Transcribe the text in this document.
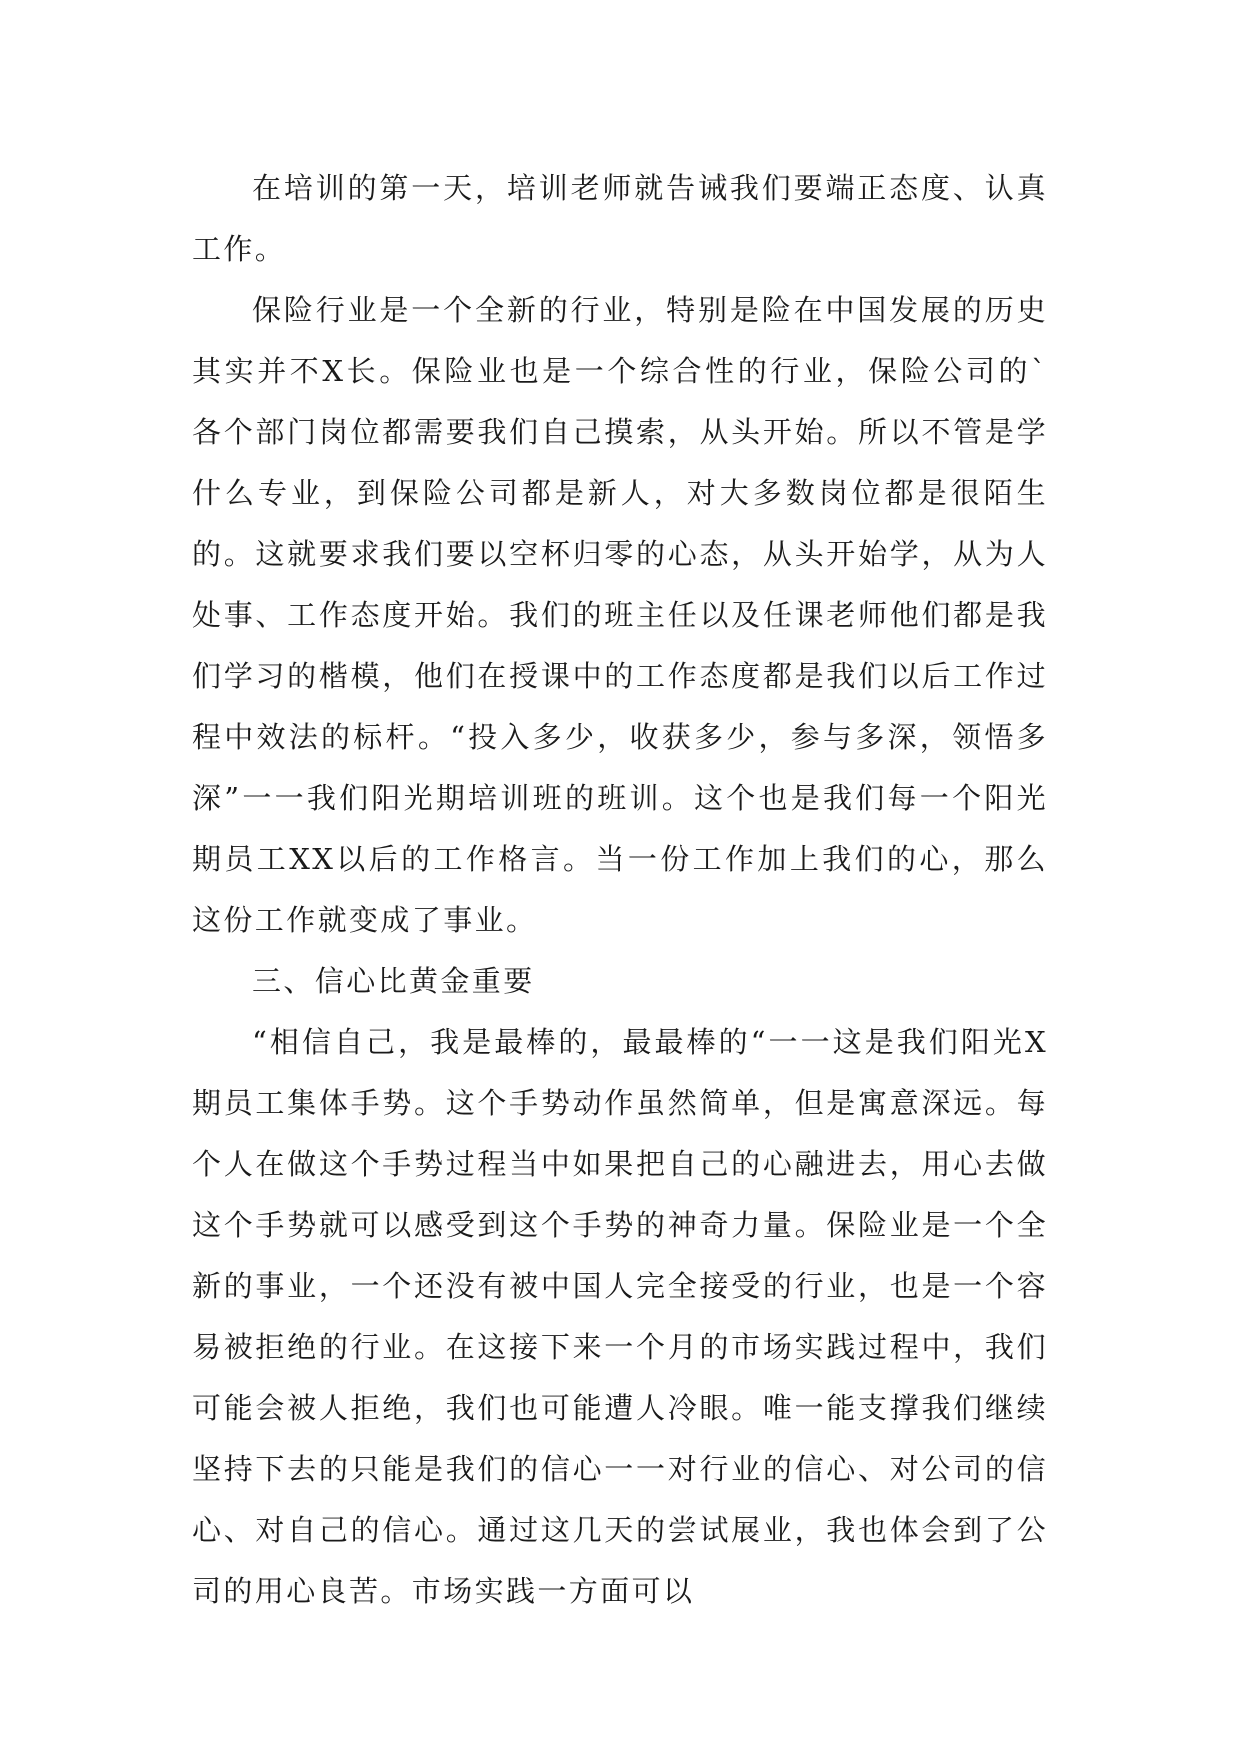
在培训的第一天，培训老师就告诫我们要端正态度、认真工作。

保险行业是一个全新的行业，特别是险在中国发展的历史其实并不X长。保险业也是一个综合性的行业，保险公司的`各个部门岗位都需要我们自己摸索，从头开始。所以不管是学什么专业，到保险公司都是新人，对大多数岗位都是很陌生的。这就要求我们要以空杯归零的心态，从头开始学，从为人处事、工作态度开始。我们的班主任以及任课老师他们都是我们学习的楷模，他们在授课中的工作态度都是我们以后工作过程中效法的标杆。“投入多少，收获多少，参与多深，领悟多深”一一我们阳光期培训班的班训。这个也是我们每一个阳光期员工XX以后的工作格言。当一份工作加上我们的心，那么这份工作就变成了事业。

三、信心比黄金重要

“相信自己，我是最棒的，最最棒的“一一这是我们阳光X期员工集体手势。这个手势动作虽然简单，但是寓意深远。每个人在做这个手势过程当中如果把自己的心融进去，用心去做这个手势就可以感受到这个手势的神奇力量。保险业是一个全新的事业，一个还没有被中国人完全接受的行业，也是一个容易被拒绝的行业。在这接下来一个月的市场实践过程中，我们可能会被人拒绝，我们也可能遭人冷眼。唯一能支撑我们继续坚持下去的只能是我们的信心一一对行业的信心、对公司的信心、对自己的信心。通过这几天的尝试展业，我也体会到了公司的用心良苦。市场实践一方面可以
